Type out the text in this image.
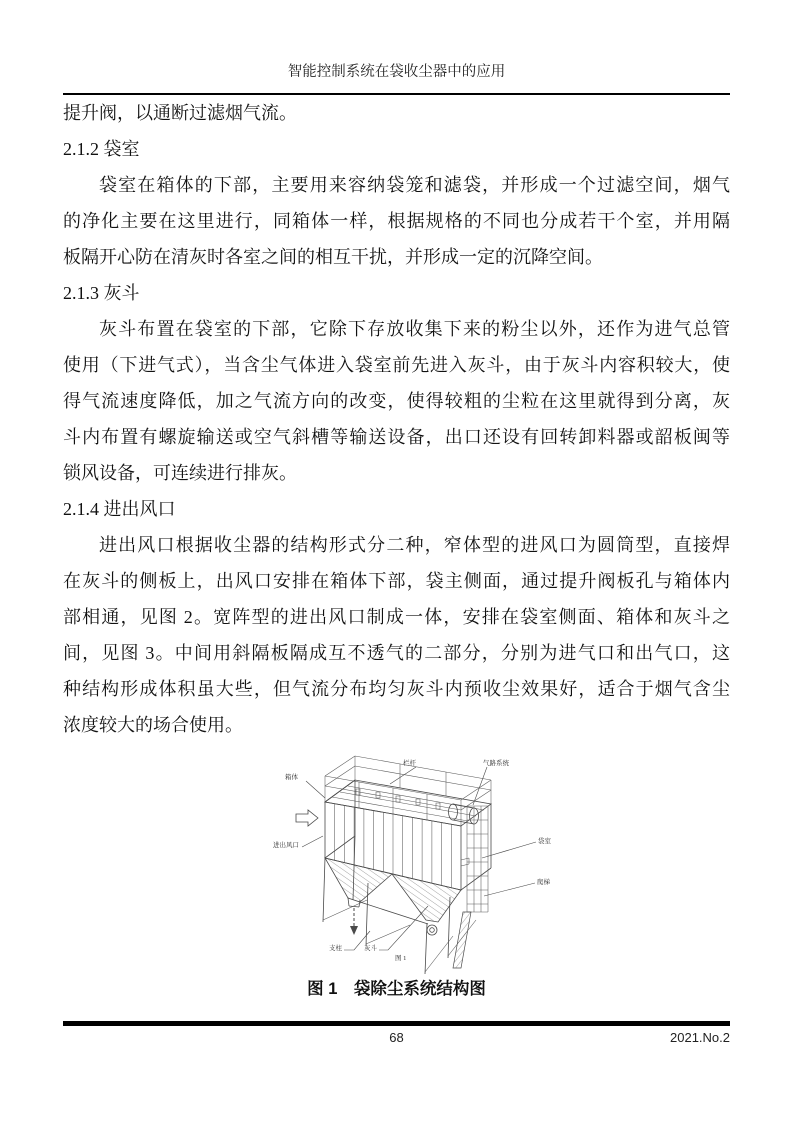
智能控制系统在袋收尘器中的应用
提升阀，以通断过滤烟气流。
2.1.2 袋室
袋室在箱体的下部，主要用来容纳袋笼和滤袋，并形成一个过滤空间，烟气
的净化主要在这里进行，同箱体一样，根据规格的不同也分成若干个室，并用隔
板隔开心防在清灰时各室之间的相互干扰，并形成一定的沉降空间。
2.1.3 灰斗
灰斗布置在袋室的下部，它除下存放收集下来的粉尘以外，还作为进气总管
使用（下进气式），当含尘气体进入袋室前先进入灰斗，由于灰斗内容积较大，使
得气流速度降低，加之气流方向的改变，使得较粗的尘粒在这里就得到分离，灰
斗内布置有螺旋输送或空气斜槽等输送设备，出口还设有回转卸料器或韶板闽等
锁风设备，可连续进行排灰。
2.1.4 进出风口
进出风口根据收尘器的结构形式分二种，窄体型的进风口为圆筒型，直接焊
在灰斗的侧板上，出风口安排在箱体下部，袋主侧面，通过提升阀板孔与箱体内
部相通，见图 2。宽阵型的进出风口制成一体，安排在袋室侧面、箱体和灰斗之
间，见图 3。中间用斜隔板隔成互不透气的二部分，分别为进气口和出气口，这
种结构形成体积虽大些，但气流分布均匀灰斗内预收尘效果好，适合于烟气含尘
浓度较大的场合使用。
箱体
栏杆	气路系统
进出风口
袋室
爬梯
支柱	灰斗
图 1
图 1　袋除尘系统结构图
68	2021.No.2
